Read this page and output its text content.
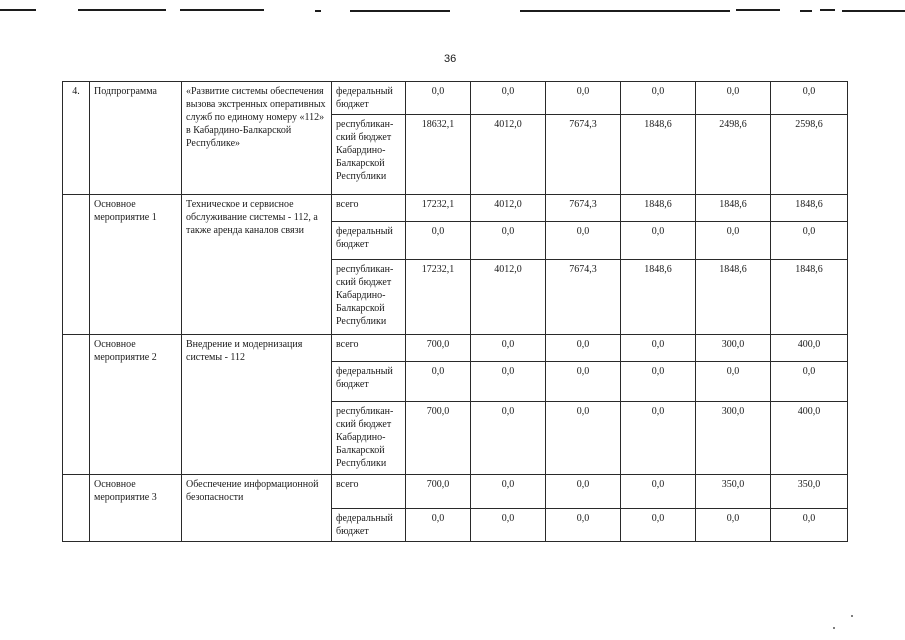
36
4.	Подпрограмма	«Развитие системы обеспечения вызова экстренных оперативных служб по единому номеру «112» в Кабардино-Балкарской Республике»	федеральный бюджет	0,0	0,0	0,0	0,0	0,0	0,0
			республикан-ский бюджет Кабардино-Балкарской Республики	18632,1	4012,0	7674,3	1848,6	2498,6	2598,6
	Основное мероприятие 1	Техническое и сервисное обслуживание системы - 112, а также аренда каналов связи	всего	17232,1	4012,0	7674,3	1848,6	1848,6	1848,6
			федеральный бюджет	0,0	0,0	0,0	0,0	0,0	0,0
			республикан-ский бюджет Кабардино-Балкарской Республики	17232,1	4012,0	7674,3	1848,6	1848,6	1848,6
	Основное мероприятие 2	Внедрение и модернизация системы - 112	всего	700,0	0,0	0,0	0,0	300,0	400,0
			федеральный бюджет	0,0	0,0	0,0	0,0	0,0	0,0
			республикан-ский бюджет Кабардино-Балкарской Республики	700,0	0,0	0,0	0,0	300,0	400,0
	Основное мероприятие 3	Обеспечение информационной безопасности	всего	700,0	0,0	0,0	0,0	350,0	350,0
			федеральный бюджет	0,0	0,0	0,0	0,0	0,0	0,0
